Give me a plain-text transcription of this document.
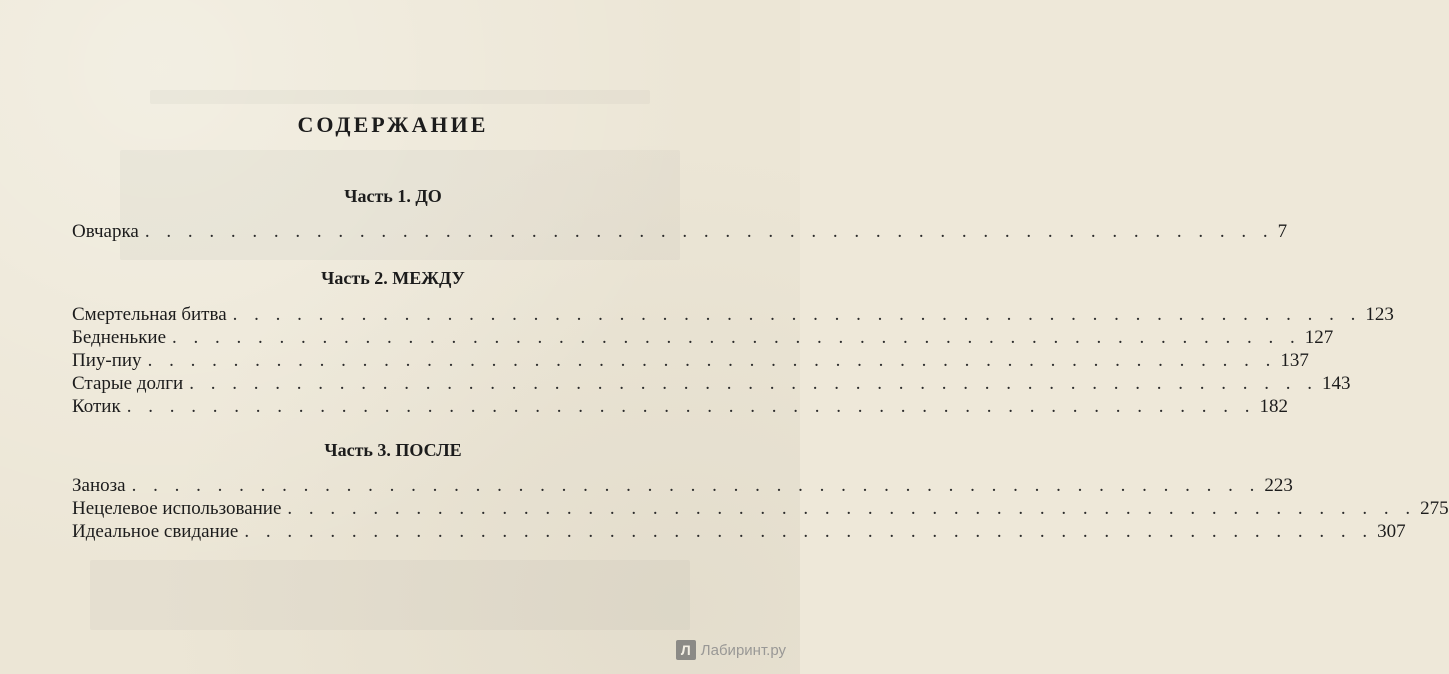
СОДЕРЖАНИЕ
Часть 1. ДО
Овчарка . . . . . . . . . . . . . . . . . . . . . . . . . . . . . . . . . . . . . . . . . . . . . . . . . . . . . 7
Часть 2. МЕЖДУ
Смертельная битва . . . . . . . . . . . . . . . . . . . . . . . . . . . . . . . . . . . . . . . . . . . . . . . . . . . . . 123
Бедненькие . . . . . . . . . . . . . . . . . . . . . . . . . . . . . . . . . . . . . . . . . . . . . . . . . . . . . 127
Пиу-пиу . . . . . . . . . . . . . . . . . . . . . . . . . . . . . . . . . . . . . . . . . . . . . . . . . . . . . 137
Старые долги . . . . . . . . . . . . . . . . . . . . . . . . . . . . . . . . . . . . . . . . . . . . . . . . . . . . . 143
Котик . . . . . . . . . . . . . . . . . . . . . . . . . . . . . . . . . . . . . . . . . . . . . . . . . . . . . 182
Часть 3. ПОСЛЕ
Заноза . . . . . . . . . . . . . . . . . . . . . . . . . . . . . . . . . . . . . . . . . . . . . . . . . . . . . 223
Нецелевое использование . . . . . . . . . . . . . . . . . . . . . . . . . . . . . . . . . . . . . . . . . . . . . . . . . . . . . 275
Идеальное свидание . . . . . . . . . . . . . . . . . . . . . . . . . . . . . . . . . . . . . . . . . . . . . . . . . . . . . 307
Л Лабиринт.ру
